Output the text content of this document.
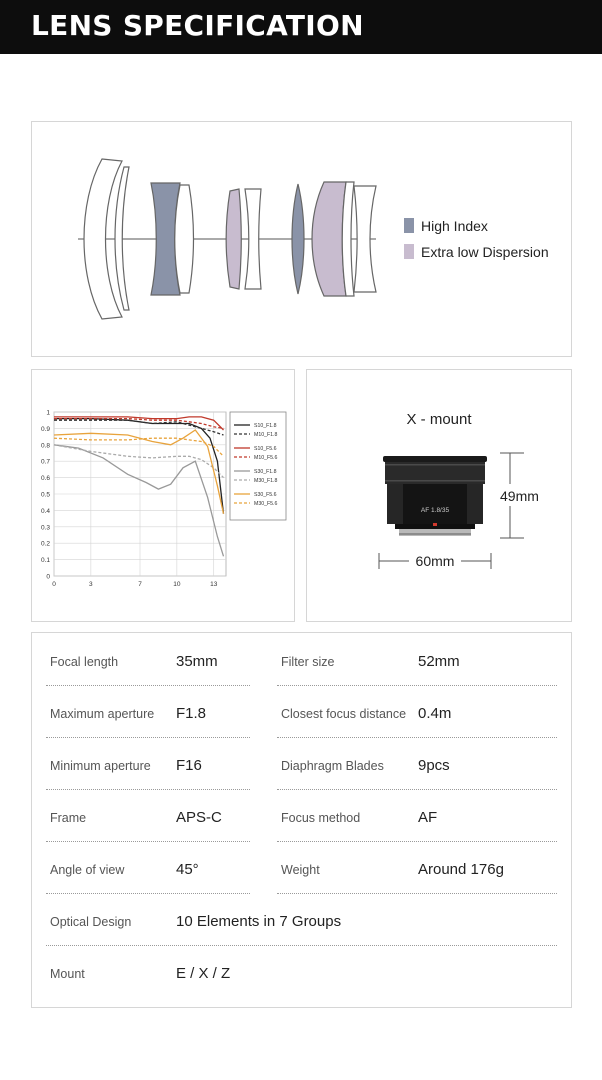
LENS SPECIFICATION
High Index
Extra low Dispersion
0
0.1
0.2
0.3
0.4
0.5
0.6
0.7
0.8
0.9
1
0	3	7	10	13
S10_F1.8
M10_F1.8
S10_F5.6
M10_F5.6
S30_F1.8
M30_F1.8
S30_F5.6
M30_F5.6
X - mount
AF 1.8/35
49mm
60mm
Focal length	35mm	Filter size	52mm
Maximum aperture F1.8	Closest focus distance 0.4m
Minimum aperture F16	Diaphragm Blades 9pcs
Frame	APS-C	Focus method	AF
Angle of view	45°	Weight	Around 176g
Optical Design	10 Elements in 7 Groups
Mount	E / X / Z
